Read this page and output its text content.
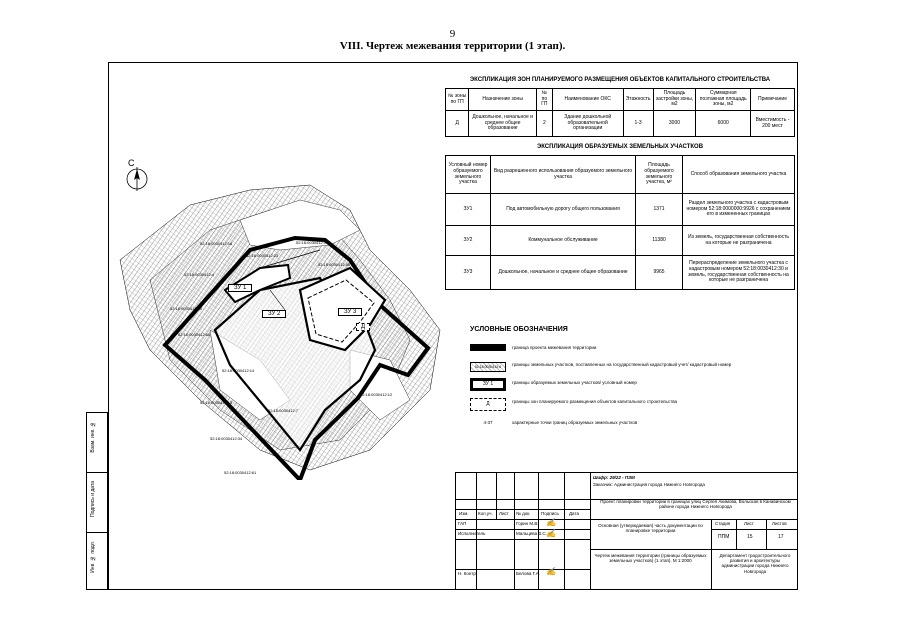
9
VIII. Чертеж межевания территории (1 этап).
Взам. инв. №
Подпись и дата
Инв. № подл.
С
ЗУ 1
ЗУ 2	ЗУ 3
Д
52:18:0030412:18
52:18:0030412:23
52:18:0030412:4
52:18:0030412:9
52:18:0030412:56
52:18:0030412:66
52:18:0030412:68
52:18:0030412:14
52:18:0030412:12
52:18:0030412:7
52:18:0030412:15
52:18:0030412:34
52:18:0030412:61
ЭКСПЛИКАЦИЯ ЗОН ПЛАНИРУЕМОГО РАЗМЕЩЕНИЯ ОБЪЕКТОВ КАПИТАЛЬНОГО СТРОИТЕЛЬСТВА
№ зоны по ГП	Назначение зоны	№ по ГП	Наименование ОКС	Этажность	Площадь застройки зоны, м2	Суммарная поэтажная площадь зоны, м2	Примечание
Д	Дошкольное, начальное и среднее общее образование	2	Здание дошкольной образовательной организации	1-3	3000	6000	Вместимость - 200 мест
ЭКСПЛИКАЦИЯ ОБРАЗУЕМЫХ ЗЕМЕЛЬНЫХ УЧАСТКОВ
Условный номер образуемого земельного участка	Вид разрешенного использования образуемого земельного участка	Площадь образуемого земельного участка, м²	Способ образования земельного участка
ЗУ1	Под автомобильную дорогу общего пользования	1371	Раздел земельного участка с кадастровым номером 52:18:0000000:9926 с сохранением его в измененных границах
ЗУ2	Коммунальное обслуживание	11380	Из земель, государственная собственность на которые не разграничена
ЗУ3	Дошкольное, начальное и среднее общее образование	9965	Перераспределение земельного участка с кадастровым номером 52:18:0030412:30 и земель, государственная собственность на которые не разграничена
УСЛОВНЫЕ ОБОЗНАЧЕНИЯ
граница проекта межевания территории
52:18:0030412:6	границы земельных участков, поставленных на государственный кадастровый учет/ кадастровый номер
ЗУ 1	границы образуемых земельных участков/ условный номер
Д	границы зон планируемого размещения объектов капитального строительства
4-37	характерные точки границ образуемых земельных участков
Шифр: 29/22 - ПЗМ
Заказчик: Администрация города Нижнего Новгорода
Проект планировки территории в границах улиц Сергея Акимова, Вольская в Канавинском районе города Нижнего Новгорода
Изм. Кол.уч. Лист № док. Подпись Дата
ГАП	Горин М.В.
Исполнитель	Мальцева З.С.
Н. Контр.	Белова Г.А.
✍
✍
✍
Основная (утверждаемая) часть документации по планировке территории
Чертеж межевания территории (границы образуемых земельных участков) (1 этап). М 1:2000
Стадия	Лист	Листов
ППМ	15	17
Департамент градостроительного развития и архитектуры администрации города Нижнего Новгорода
